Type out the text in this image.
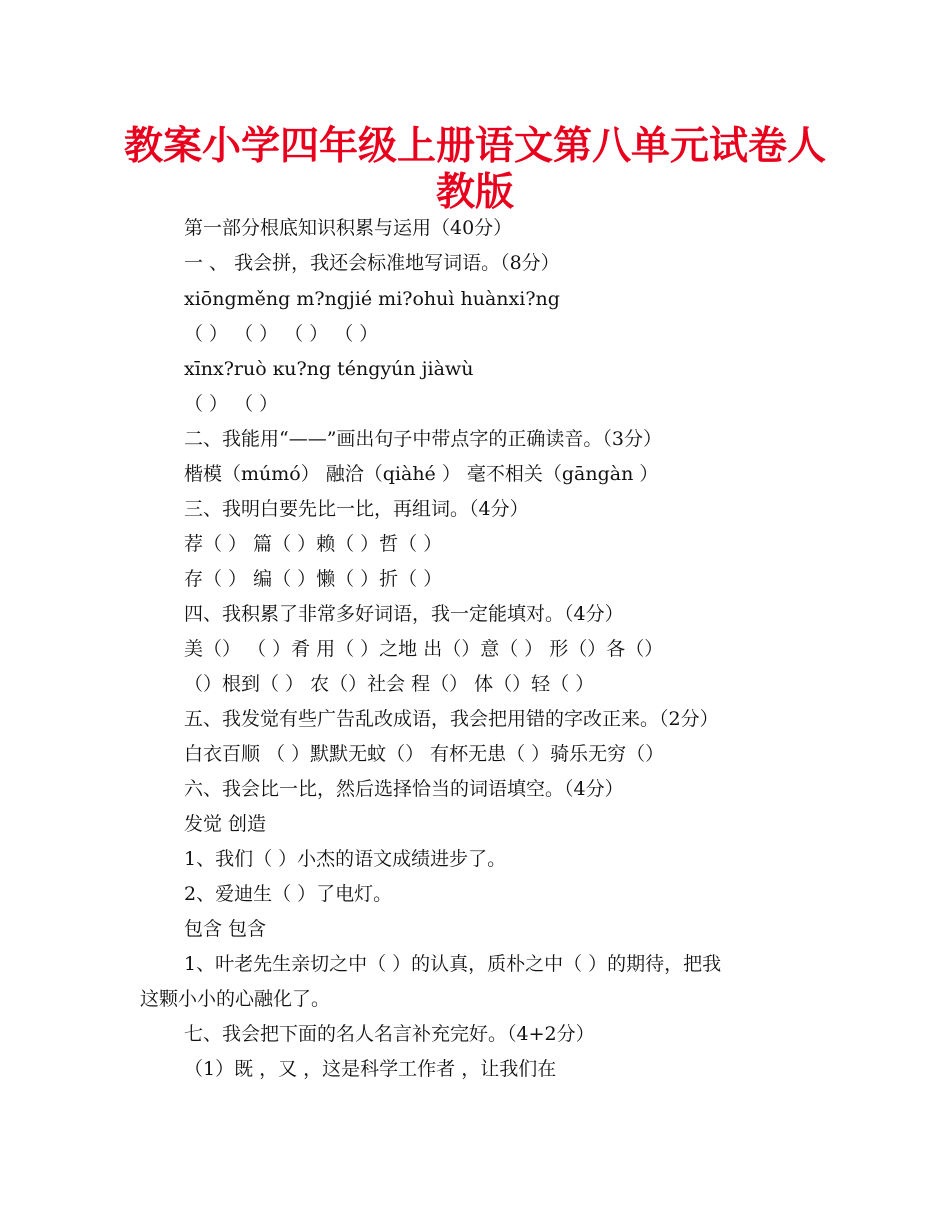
教案小学四年级上册语文第八单元试卷人
教版
第一部分根底知识积累与运用（40分）
一 、 我会拼，我还会标准地写词语。（8分）
xiōngměng m?ngjié mi?ohuì huànxi?ng
（ ） （ ） （ ） （ ）
xīnx?ruò ĸu?ng téngyún jiàwù
（ ） （ ）
二、我能用“——”画出句子中带点字的正确读音。（3分）
楷模（múmó） 融洽（qiàhé ） 毫不相关（gāngàn ）
三、我明白要先比一比，再组词。（4分）
荐（ ） 篇（ ）赖（ ）哲（ ）
存（ ） 编（ ）懒（ ）折（ ）
四、我积累了非常多好词语，我一定能填对。（4分）
美（） （ ）肴 用（ ）之地 出（）意（ ） 形（）各（）
（）根到（ ） 农（）社会 程（） 体（）轻（ ）
五、我发觉有些广告乱改成语，我会把用错的字改正来。（2分）
白衣百顺 （ ）默默无蚊（） 有杯无患（ ）骑乐无穷（）
六、我会比一比，然后选择恰当的词语填空。（4分）
发觉 创造
1、我们（ ）小杰的语文成绩进步了。
2、爱迪生（ ）了电灯。
包含 包含
1、叶老先生亲切之中（ ）的认真，质朴之中（ ）的期待，把我
这颗小小的心融化了。
七、我会把下面的名人名言补充完好。（4+2分）
（1）既 ，又 ，这是科学工作者 ，让我们在
